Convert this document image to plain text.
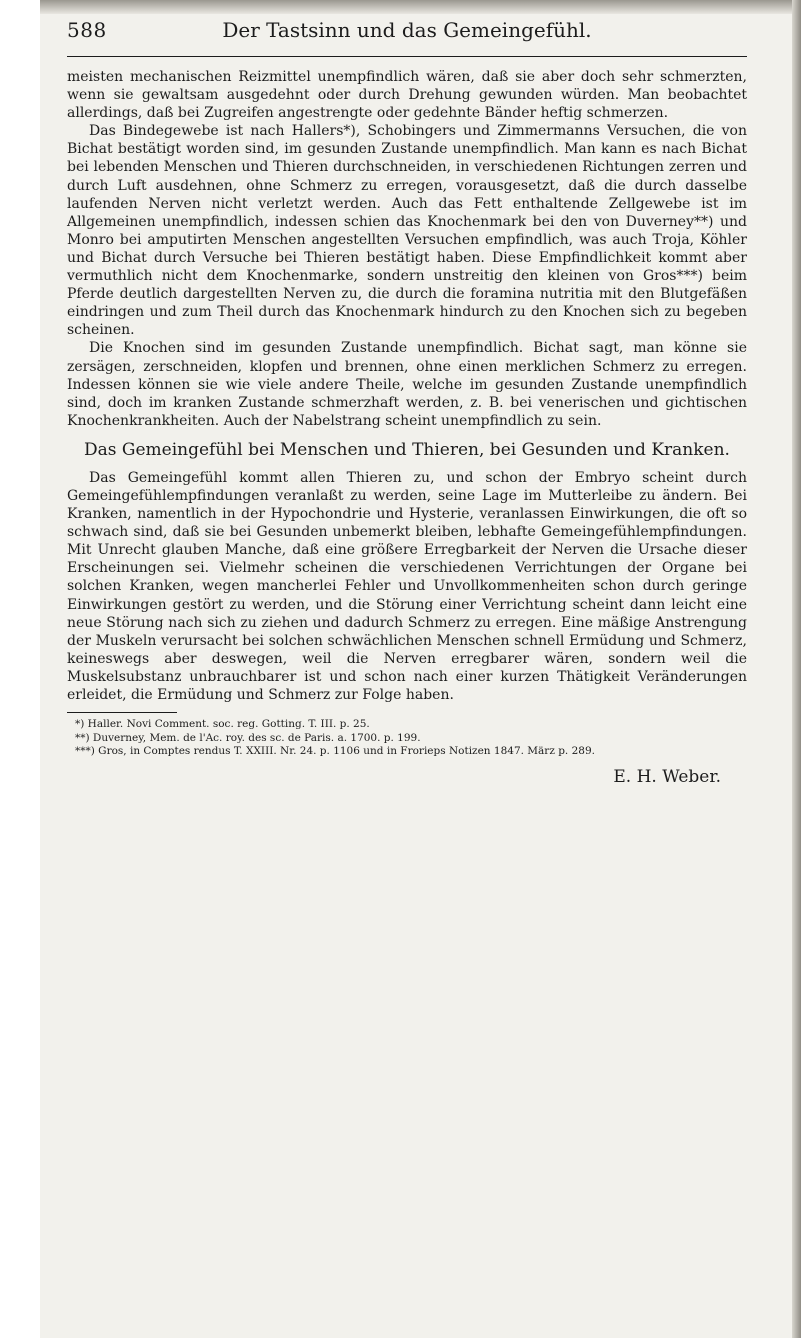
588	Der Tastsinn und das Gemeingefühl.

meisten mechanischen Reizmittel unempfindlich wären, daß sie aber doch sehr schmerzten, wenn sie gewaltsam ausgedehnt oder durch Drehung gewunden würden. Man beobachtet allerdings, daß bei Zugreifen angestrengte oder gedehnte Bänder heftig schmerzen.

Das Bindegewebe ist nach Hallers*), Schobingers und Zimmermanns Versuchen, die von Bichat bestätigt worden sind, im gesunden Zustande unempfindlich. Man kann es nach Bichat bei lebenden Menschen und Thieren durchschneiden, in verschiedenen Richtungen zerren und durch Luft ausdehnen, ohne Schmerz zu erregen, vorausgesetzt, daß die durch dasselbe laufenden Nerven nicht verletzt werden. Auch das Fett enthaltende Zellgewebe ist im Allgemeinen unempfindlich, indessen schien das Knochenmark bei den von Duverney**) und Monro bei amputirten Menschen angestellten Versuchen empfindlich, was auch Troja, Köhler und Bichat durch Versuche bei Thieren bestätigt haben. Diese Empfindlichkeit kommt aber vermuthlich nicht dem Knochenmarke, sondern unstreitig den kleinen von Gros***) beim Pferde deutlich dargestellten Nerven zu, die durch die foramina nutritia mit den Blutgefäßen eindringen und zum Theil durch das Knochenmark hindurch zu den Knochen sich zu begeben scheinen.

Die Knochen sind im gesunden Zustande unempfindlich. Bichat sagt, man könne sie zersägen, zerschneiden, klopfen und brennen, ohne einen merklichen Schmerz zu erregen. Indessen können sie wie viele andere Theile, welche im gesunden Zustande unempfindlich sind, doch im kranken Zustande schmerzhaft werden, z. B. bei venerischen und gichtischen Knochenkrankheiten. Auch der Nabelstrang scheint unempfindlich zu sein.

Das Gemeingefühl bei Menschen und Thieren, bei Gesunden und Kranken.

Das Gemeingefühl kommt allen Thieren zu, und schon der Embryo scheint durch Gemeingefühlempfindungen veranlaßt zu werden, seine Lage im Mutterleibe zu ändern. Bei Kranken, namentlich in der Hypochondrie und Hysterie, veranlassen Einwirkungen, die oft so schwach sind, daß sie bei Gesunden unbemerkt bleiben, lebhafte Gemeingefühlempfindungen. Mit Unrecht glauben Manche, daß eine größere Erregbarkeit der Nerven die Ursache dieser Erscheinungen sei. Vielmehr scheinen die verschiedenen Verrichtungen der Organe bei solchen Kranken, wegen mancherlei Fehler und Unvollkommenheiten schon durch geringe Einwirkungen gestört zu werden, und die Störung einer Verrichtung scheint dann leicht eine neue Störung nach sich zu ziehen und dadurch Schmerz zu erregen. Eine mäßige Anstrengung der Muskeln verursacht bei solchen schwächlichen Menschen schnell Ermüdung und Schmerz, keineswegs aber deswegen, weil die Nerven erregbarer wären, sondern weil die Muskelsubstanz unbrauchbarer ist und schon nach einer kurzen Thätigkeit Veränderungen erleidet, die Ermüdung und Schmerz zur Folge haben.

*) Haller. Novi Comment. soc. reg. Gotting. T. III. p. 25.

**) Duverney, Mem. de l'Ac. roy. des sc. de Paris. a. 1700. p. 199.

***) Gros, in Comptes rendus T. XXIII. Nr. 24. p. 1106 und in Frorieps Notizen 1847. März p. 289.

E. H. Weber.
